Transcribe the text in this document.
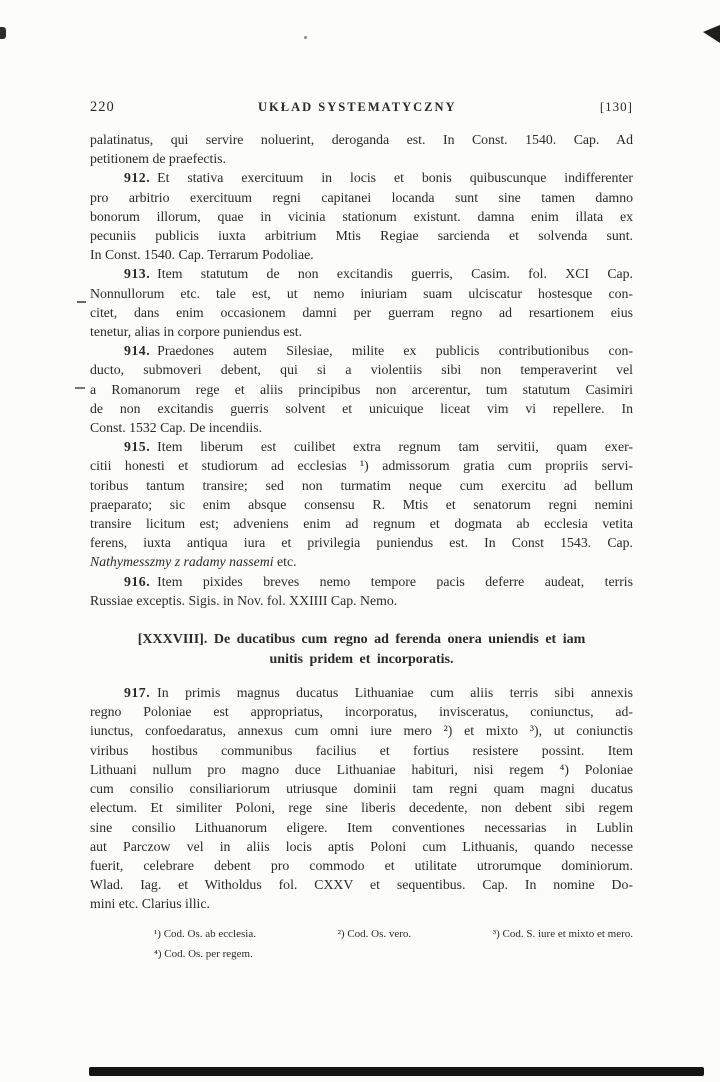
220	UKŁAD SYSTEMATYCZNY	[130]
palatinatus, qui servire noluerint, deroganda est. In Const. 1540. Cap. Ad
petitionem de praefectis.
912. Et stativa exercituum in locis et bonis quibuscunque indifferenter
pro arbitrio exercituum regni capitanei locanda sunt sine tamen damno
bonorum illorum, quae in vicinia stationum existunt. damna enim illata ex
pecuniis publicis iuxta arbitrium Mtis Regiae sarcienda et solvenda sunt.
In Const. 1540. Cap. Terrarum Podoliae.
913. Item statutum de non excitandis guerris, Casim. fol. XCI Cap.
Nonnullorum etc. tale est, ut nemo iniuriam suam ulciscatur hostesque con-
citet, dans enim occasionem damni per guerram regno ad resartionem eius
tenetur, alias in corpore puniendus est.
914. Praedones autem Silesiae, milite ex publicis contributionibus con-
ducto, submoveri debent, qui si a violentiis sibi non temperaverint vel
a Romanorum rege et aliis principibus non arcerentur, tum statutum Casimiri
de non excitandis guerris solvent et unicuique liceat vim vi repellere. In
Const. 1532 Cap. De incendiis.
915. Item liberum est cuilibet extra regnum tam servitii, quam exer-
citii honesti et studiorum ad ecclesias ¹) admissorum gratia cum propriis servi-
toribus tantum transire; sed non turmatim neque cum exercitu ad bellum
praeparato; sic enim absque consensu R. Mtis et senatorum regni nemini
transire licitum est; adveniens enim ad regnum et dogmata ab ecclesia vetita
ferens, iuxta antiqua iura et privilegia puniendus est. In Const 1543. Cap.
Nathymesszmy z radamy nassemi etc.
916. Item pixides breves nemo tempore pacis deferre audeat, terris
Russiae exceptis. Sigis. in Nov. fol. XXIIII Cap. Nemo.
[XXXVIII]. De ducatibus cum regno ad ferenda onera uniendis et iam
unitis pridem et incorporatis.
917. In primis magnus ducatus Lithuaniae cum aliis terris sibi annexis
regno Poloniae est appropriatus, incorporatus, invisceratus, coniunctus, ad-
iunctus, confoedaratus, annexus cum omni iure mero ²) et mixto ³), ut coniunctis
viribus hostibus communibus facilius et fortius resistere possint. Item
Lithuani nullum pro magno duce Lithuaniae habituri, nisi regem ⁴) Poloniae
cum consilio consiliariorum utriusque dominii tam regni quam magni ducatus
electum. Et similiter Poloni, rege sine liberis decedente, non debent sibi regem
sine consilio Lithuanorum eligere. Item conventiones necessarias in Lublin
aut Parczow vel in aliis locis aptis Poloni cum Lithuanis, quando necesse
fuerit, celebrare debent pro commodo et utilitate utrorumque dominiorum.
Wlad. Iag. et Witholdus fol. CXXV et sequentibus. Cap. In nomine Do-
mini etc. Clarius illic.
¹) Cod. Os. ab ecclesia.	²) Cod. Os. vero.	³) Cod. S. iure et mixto et mero.
⁴) Cod. Os. per regem.
